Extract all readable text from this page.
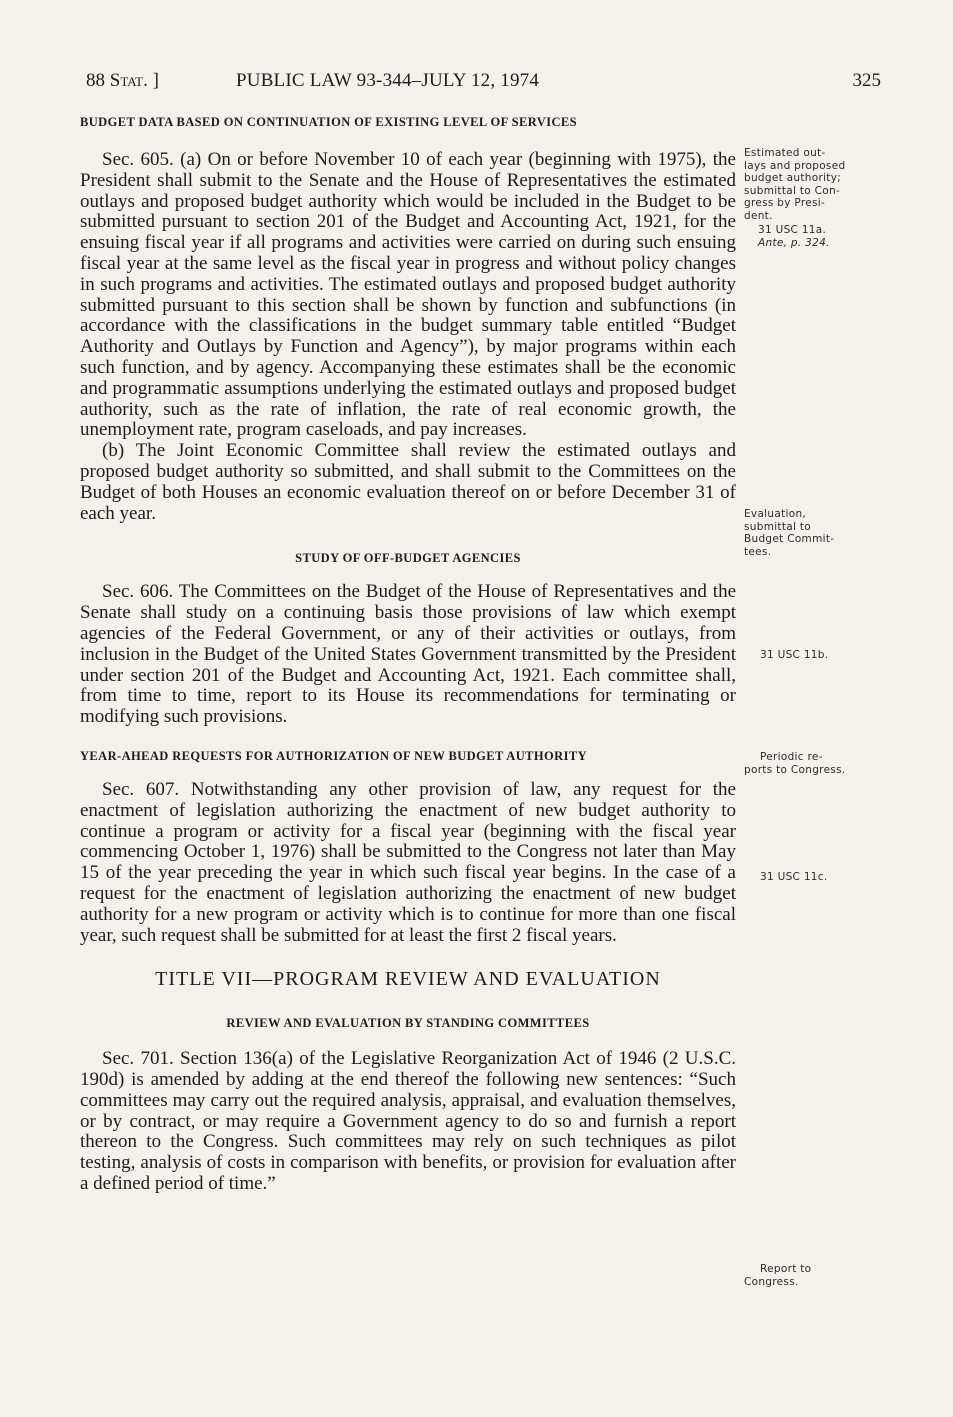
88 Stat. ]	PUBLIC LAW 93-344–JULY 12, 1974	325

BUDGET DATA BASED ON CONTINUATION OF EXISTING LEVEL OF SERVICES

Sec. 605. (a) On or before November 10 of each year (beginning with 1975), the President shall submit to the Senate and the House of Representatives the estimated outlays and proposed budget authority which would be included in the Budget to be submitted pursuant to section 201 of the Budget and Accounting Act, 1921, for the ensuing fiscal year if all programs and activities were carried on during such ensuing fiscal year at the same level as the fiscal year in progress and without policy changes in such programs and activities. The estimated outlays and proposed budget authority submitted pursuant to this section shall be shown by function and subfunctions (in accordance with the classifications in the budget summary table entitled “Budget Authority and Outlays by Function and Agency”), by major programs within each such function, and by agency. Accompanying these estimates shall be the economic and programmatic assumptions underlying the estimated outlays and proposed budget authority, such as the rate of inflation, the rate of real economic growth, the unemployment rate, program caseloads, and pay increases.

(b) The Joint Economic Committee shall review the estimated outlays and proposed budget authority so submitted, and shall submit to the Committees on the Budget of both Houses an economic evaluation thereof on or before December 31 of each year.

STUDY OF OFF-BUDGET AGENCIES

Sec. 606. The Committees on the Budget of the House of Representatives and the Senate shall study on a continuing basis those provisions of law which exempt agencies of the Federal Government, or any of their activities or outlays, from inclusion in the Budget of the United States Government transmitted by the President under section 201 of the Budget and Accounting Act, 1921. Each committee shall, from time to time, report to its House its recommendations for terminating or modifying such provisions.

YEAR-AHEAD REQUESTS FOR AUTHORIZATION OF NEW BUDGET AUTHORITY

Sec. 607. Notwithstanding any other provision of law, any request for the enactment of legislation authorizing the enactment of new budget authority to continue a program or activity for a fiscal year (beginning with the fiscal year commencing October 1, 1976) shall be submitted to the Congress not later than May 15 of the year preceding the year in which such fiscal year begins. In the case of a request for the enactment of legislation authorizing the enactment of new budget authority for a new program or activity which is to continue for more than one fiscal year, such request shall be submitted for at least the first 2 fiscal years.

TITLE VII—PROGRAM REVIEW AND EVALUATION

REVIEW AND EVALUATION BY STANDING COMMITTEES

Sec. 701. Section 136(a) of the Legislative Reorganization Act of 1946 (2 U.S.C. 190d) is amended by adding at the end thereof the following new sentences: “Such committees may carry out the required analysis, appraisal, and evaluation themselves, or by contract, or may require a Government agency to do so and furnish a report thereon to the Congress. Such committees may rely on such techniques as pilot testing, analysis of costs in comparison with benefits, or provision for evaluation after a defined period of time.”

Estimated out-
lays and proposed
budget authority;
submittal to Con-
gress by Presi-
dent.
31 USC 11a.
Ante, p. 324.
Evaluation,
submittal to
Budget Commit-
tees.
31 USC 11b.
Periodic re-
ports to Congress.
31 USC 11c.
Report to
Congress.
